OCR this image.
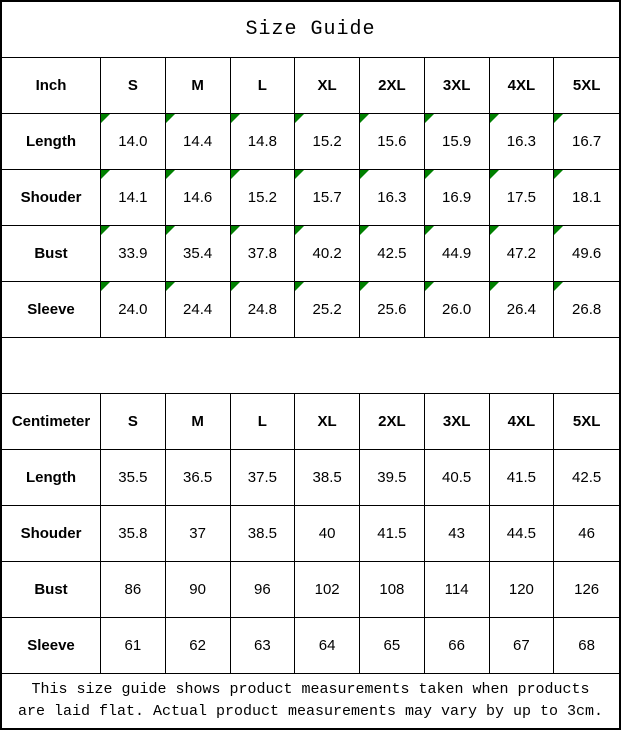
Size Guide
Inch	S	M	L	XL	2XL 3XL 4XL	5XL
Length	14.0 14.4 14.8 15.2 15.6 15.9 16.3 16.7
Shouder 14.1 14.6 15.2 15.7 16.3 16.9 17.5 18.1
Bust	33.9 35.4 37.8 40.2 42.5 44.9 47.2 49.6
Sleeve	24.0 24.4 24.8 25.2 25.6 26.0 26.4 26.8
Centimeter	S	M	L	XL	2XL 3XL 4XL	5XL
Length	35.5 36.5 37.5 38.5 39.5 40.5 41.5 42.5
Shouder 35.8	37	38.5	40	41.5	43	44.5	46
Bust	86	90	96	102	108	114	120	126
Sleeve	61	62	63	64	65	66	67	68
This size guide shows product measurements taken when products
are laid flat. Actual product measurements may vary by up to 3cm.
